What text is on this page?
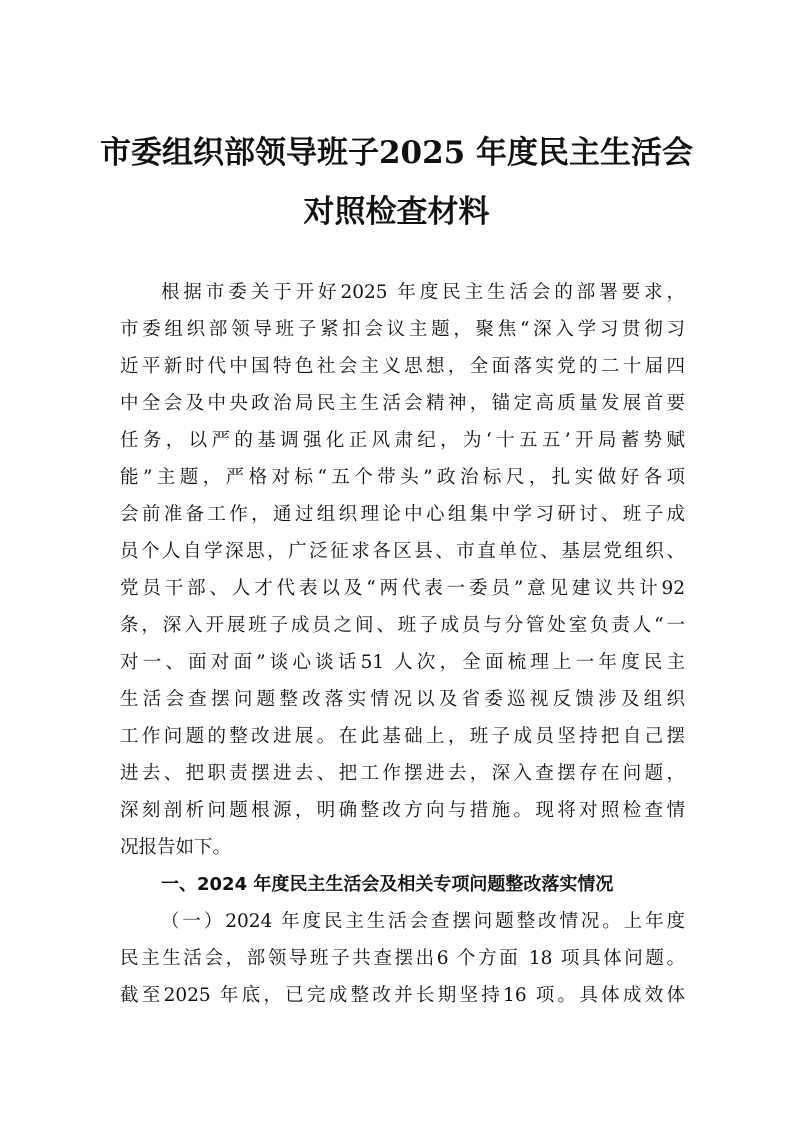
市委组织部领导班子2025 年度民主生活会
对照检查材料
根据市委关于开好2025 年度民主生活会的部署要求，
市委组织部领导班子紧扣会议主题，聚焦“深入学习贯彻习
近平新时代中国特色社会主义思想，全面落实党的二十届四
中全会及中央政治局民主生活会精神，锚定高质量发展首要
任务，以严的基调强化正风肃纪，为‘十五五’开局蓄势赋
能”主题，严格对标“五个带头”政治标尺，扎实做好各项
会前准备工作，通过组织理论中心组集中学习研讨、班子成
员个人自学深思，广泛征求各区县、市直单位、基层党组织、
党员干部、人才代表以及“两代表一委员”意见建议共计92
条，深入开展班子成员之间、班子成员与分管处室负责人“一
对一、面对面”谈心谈话51 人次，全面梳理上一年度民主
生活会查摆问题整改落实情况以及省委巡视反馈涉及组织
工作问题的整改进展。在此基础上，班子成员坚持把自己摆
进去、把职责摆进去、把工作摆进去，深入查摆存在问题，
深刻剖析问题根源，明确整改方向与措施。现将对照检查情
况报告如下。
一、2024 年度民主生活会及相关专项问题整改落实情况
（一）2024 年度民主生活会查摆问题整改情况。上年度
民主生活会，部领导班子共查摆出6 个方面 18 项具体问题。
截至2025 年底，已完成整改并长期坚持16 项。具体成效体
